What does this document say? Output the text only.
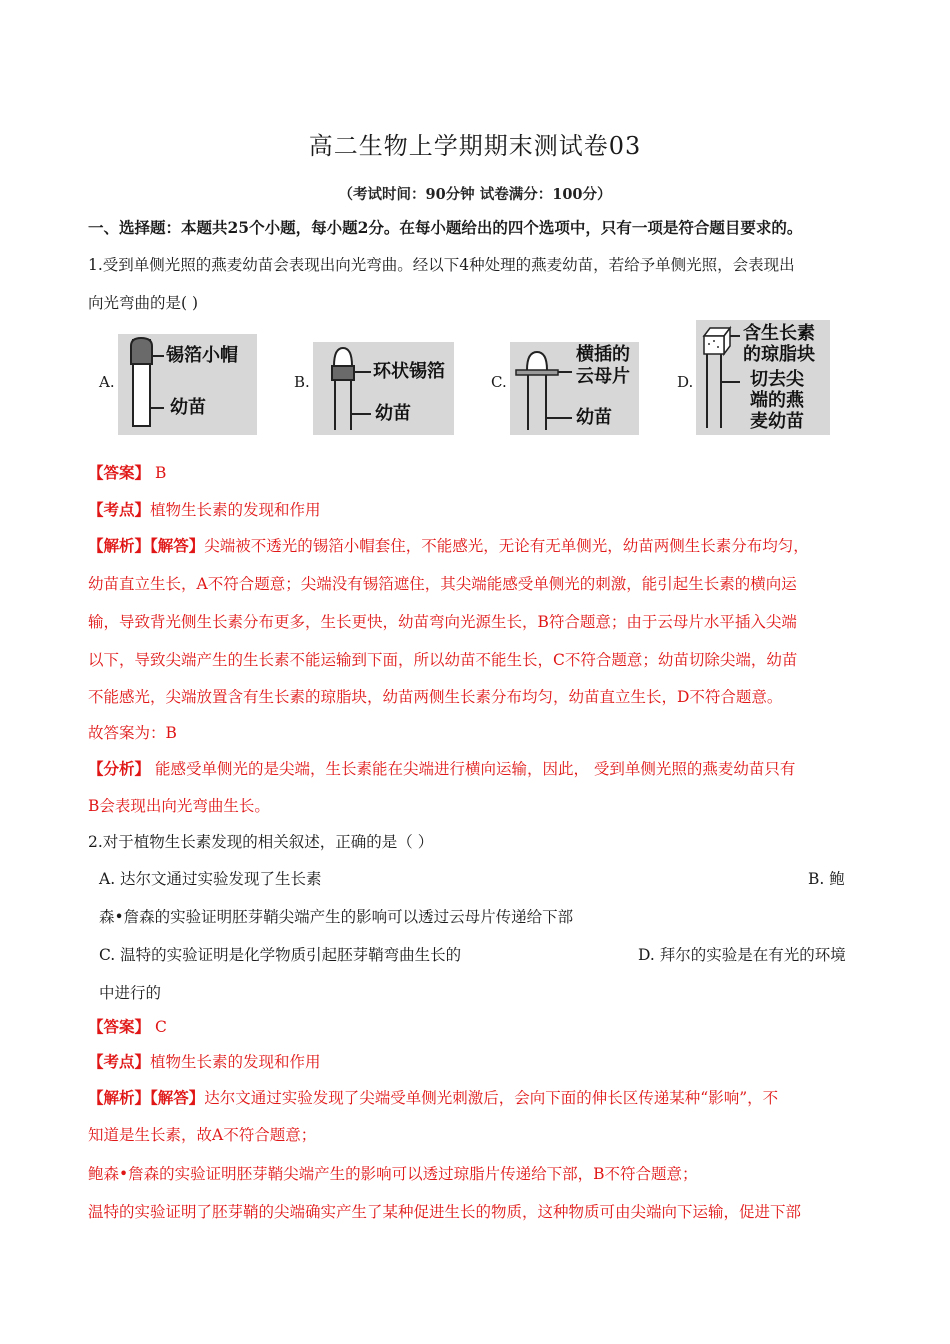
高二生物上学期期末测试卷03
（考试时间：90分钟 试卷满分：100分）
一、选择题：本题共25个小题，每小题2分。在每小题给出的四个选项中，只有一项是符合题目要求的。
1.受到单侧光照的燕麦幼苗会表现出向光弯曲。经以下4种处理的燕麦幼苗，若给予单侧光照，会表现出
向光弯曲的是( )
A.
锡箔小帽
幼苗
B.	环状锡箔
幼苗
C.
横插的
云母片
幼苗
D.
含生长素
的琼脂块
切去尖
端的燕
麦幼苗
【答案】 B
【考点】植物生长素的发现和作用
【解析】【解答】尖端被不透光的锡箔小帽套住，不能感光，无论有无单侧光，幼苗两侧生长素分布均匀，
幼苗直立生长，A不符合题意；尖端没有锡箔遮住，其尖端能感受单侧光的刺激，能引起生长素的横向运
输，导致背光侧生长素分布更多，生长更快，幼苗弯向光源生长，B符合题意；由于云母片水平插入尖端
以下，导致尖端产生的生长素不能运输到下面，所以幼苗不能生长，C不符合题意；幼苗切除尖端，幼苗
不能感光，尖端放置含有生长素的琼脂块，幼苗两侧生长素分布均匀，幼苗直立生长，D不符合题意。
故答案为：B
【分析】 能感受单侧光的是尖端，生长素能在尖端进行横向运输，因此， 受到单侧光照的燕麦幼苗只有
B会表现出向光弯曲生长。
2.对于植物生长素发现的相关叙述，正确的是（ ）
A. 达尔文通过实验发现了生长素	B. 鲍
森•詹森的实验证明胚芽鞘尖端产生的影响可以透过云母片传递给下部
C. 温特的实验证明是化学物质引起胚芽鞘弯曲生长的	D. 拜尔的实验是在有光的环境
中进行的
【答案】 C
【考点】植物生长素的发现和作用
【解析】【解答】达尔文通过实验发现了尖端受单侧光刺激后，会向下面的伸长区传递某种“影响”，不
知道是生长素，故A不符合题意；
鲍森•詹森的实验证明胚芽鞘尖端产生的影响可以透过琼脂片传递给下部，B不符合题意；
温特的实验证明了胚芽鞘的尖端确实产生了某种促进生长的物质，这种物质可由尖端向下运输，促进下部
